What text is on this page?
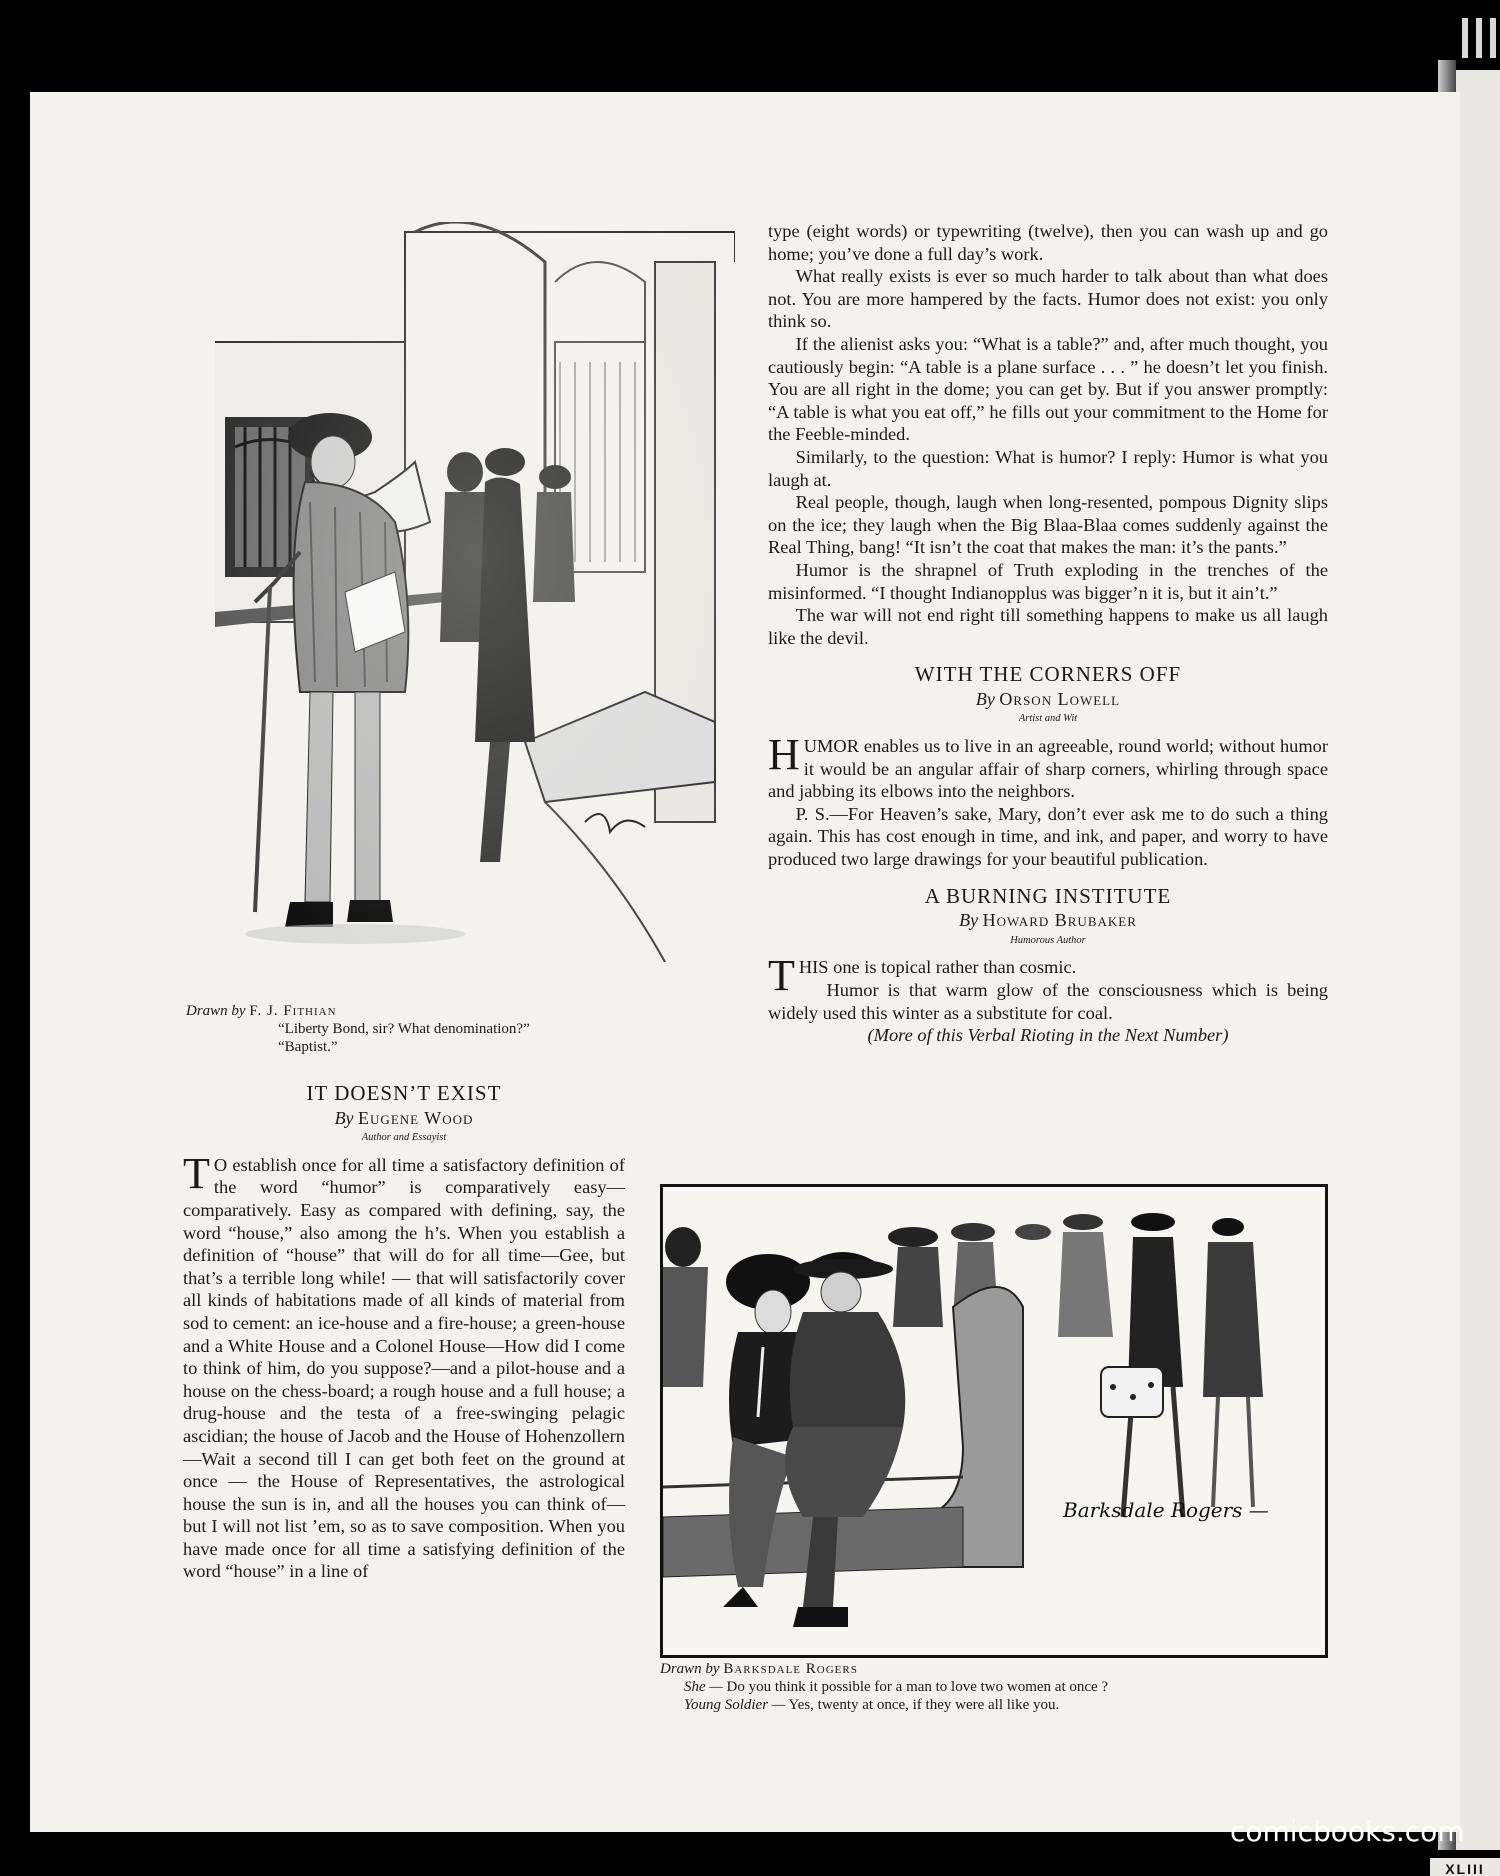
Drawn by F. J. Fithian
“Liberty Bond, sir? What denomination?”
“Baptist.”
IT DOESN’T EXIST
By Eugene Wood
Author and Essayist

T O establish once for all time a satisfactory definition of the word “humor” is comparatively easy—comparatively. Easy as compared with defining, say, the word “house,” also among the h’s. When you establish a definition of “house” that will do for all time—Gee, but that’s a terrible long while! — that will satisfactorily cover all kinds of habitations made of all kinds of material from sod to cement: an ice-house and a fire-house; a green-house and a White House and a Colonel House—How did I come to think of him, do you suppose?—and a pilot-house and a house on the chess-board; a rough house and a full house; a drug-house and the testa of a free-swinging pelagic ascidian; the house of Jacob and the House of Hohenzollern—Wait a second till I can get both feet on the ground at once — the House of Representatives, the astrological house the sun is in, and all the houses you can think of—but I will not list ’em, so as to save composition. When you have made once for all time a satisfying definition of the word “house” in a line of

type (eight words) or typewriting (twelve), then you can wash up and go home; you’ve done a full day’s work.

What really exists is ever so much harder to talk about than what does not. You are more hampered by the facts. Humor does not exist: you only think so.

If the alienist asks you: “What is a table?” and, after much thought, you cautiously begin: “A table is a plane surface . . . ” he doesn’t let you finish. You are all right in the dome; you can get by. But if you answer promptly: “A table is what you eat off,” he fills out your commitment to the Home for the Feeble-minded.

Similarly, to the question: What is humor? I reply: Humor is what you laugh at.

Real people, though, laugh when long-resented, pompous Dignity slips on the ice; they laugh when the Big Blaa-Blaa comes suddenly against the Real Thing, bang! “It isn’t the coat that makes the man: it’s the pants.”

Humor is the shrapnel of Truth exploding in the trenches of the misinformed. “I thought Indianopplus was bigger’n it is, but it ain’t.”

The war will not end right till something happens to make us all laugh like the devil.

WITH THE CORNERS OFF
By Orson Lowell
Artist and Wit

HUMOR enables us to live in an agreeable, round world; without humor it would be an angular affair of sharp corners, whirling through space and jabbing its elbows into the neighbors.

P. S.—For Heaven’s sake, Mary, don’t ever ask me to do such a thing again. This has cost enough in time, and ink, and paper, and worry to have produced two large drawings for your beautiful publication.

A BURNING INSTITUTE
By Howard Brubaker
Humorous Author

THIS one is topical rather than cosmic.

Humor is that warm glow of the consciousness which is being widely used this winter as a substitute for coal.

(More of this Verbal Rioting in the Next Number)
Barksdale Rogers —
Drawn by Barksdale Rogers
She — Do you think it possible for a man to love two women at once ?
Young Soldier — Yes, twenty at once, if they were all like you.
XLIII
comicbooks.com
